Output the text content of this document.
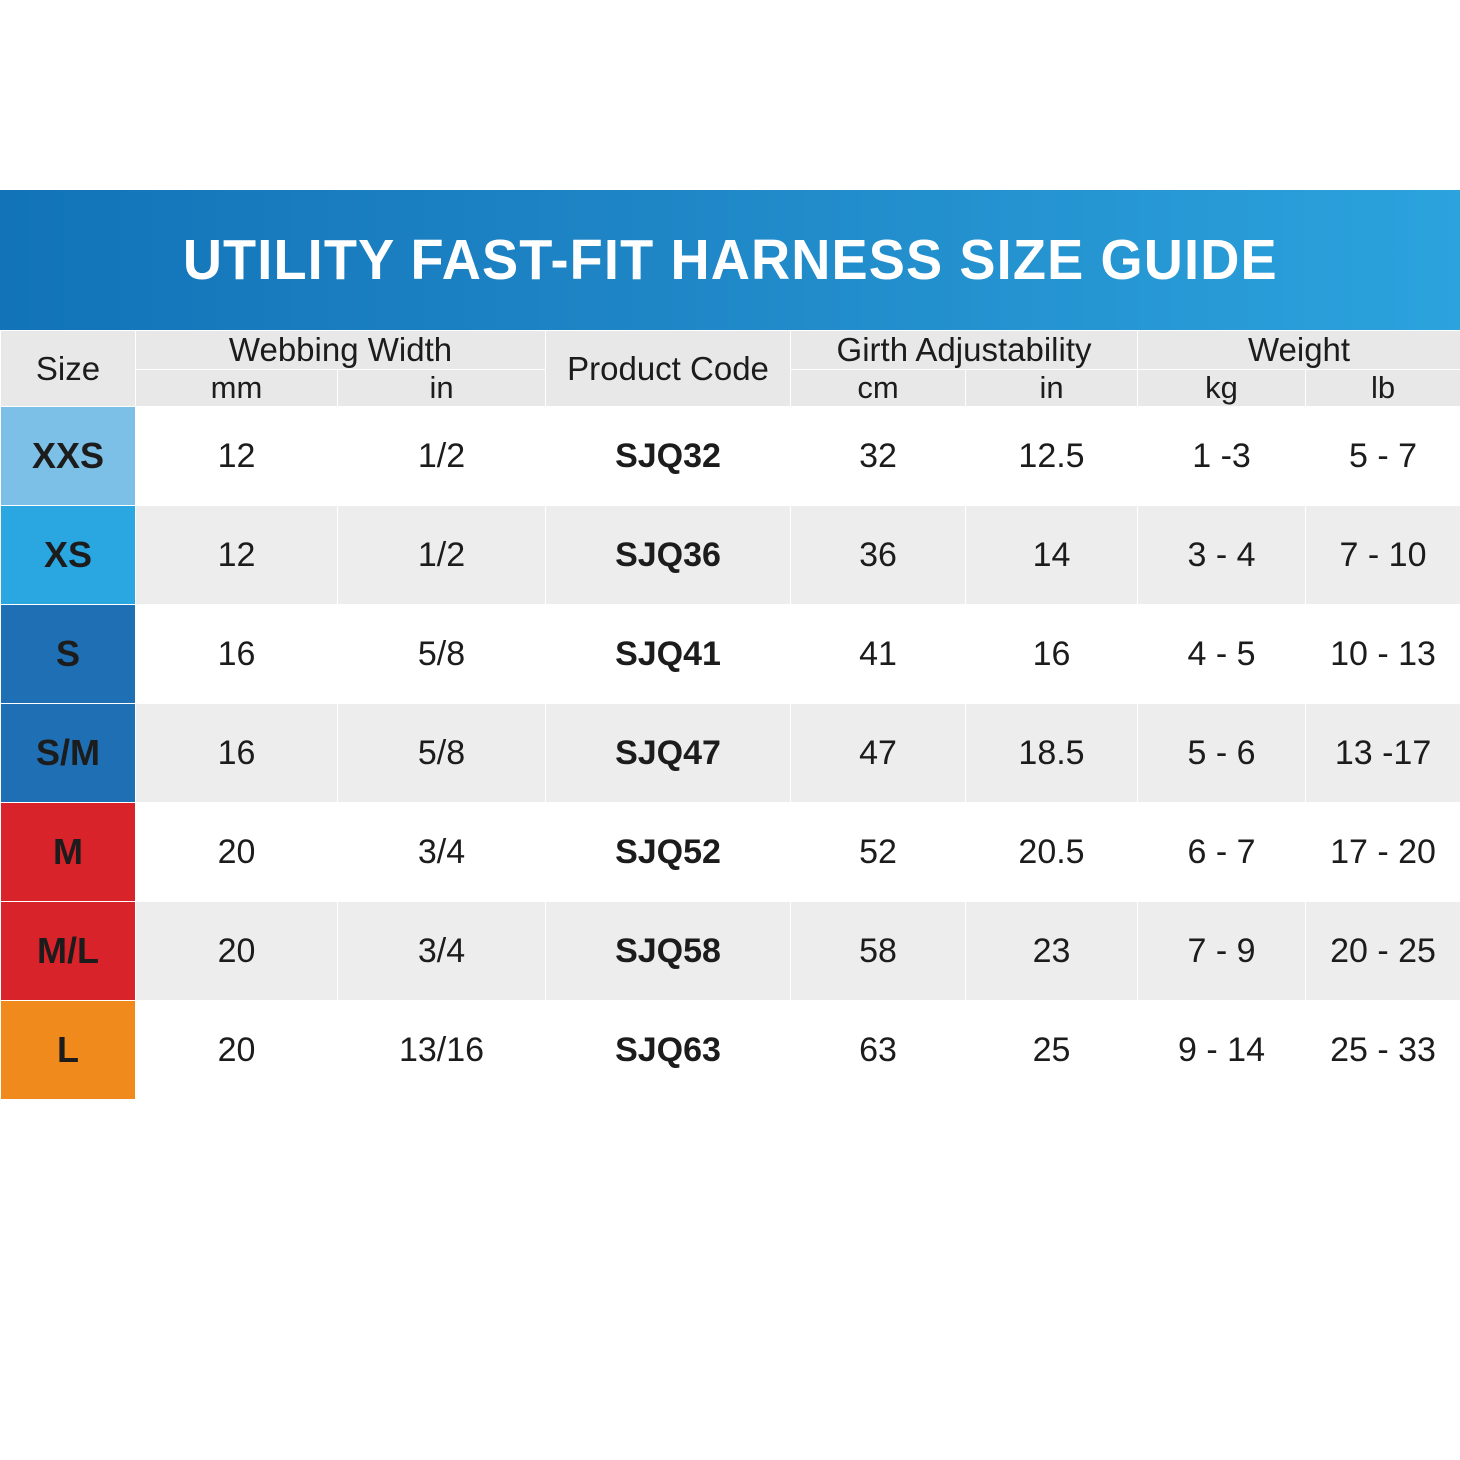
UTILITY FAST-FIT HARNESS SIZE GUIDE
Size	Webbing Width		Product Code	Girth Adjustability		Weight	
	mm	in		cm	in	kg	lb
XXS	12	1/2	SJQ32	32	12.5	1 -3	5 - 7
XS	12	1/2	SJQ36	36	14	3 - 4	7 - 10
S	16	5/8	SJQ41	41	16	4 - 5	10 - 13
S/M	16	5/8	SJQ47	47	18.5	5 - 6	13 -17
M	20	3/4	SJQ52	52	20.5	6 - 7	17 - 20
M/L	20	3/4	SJQ58	58	23	7 - 9	20 - 25
L	20	13/16	SJQ63	63	25	9 - 14	25 - 33
